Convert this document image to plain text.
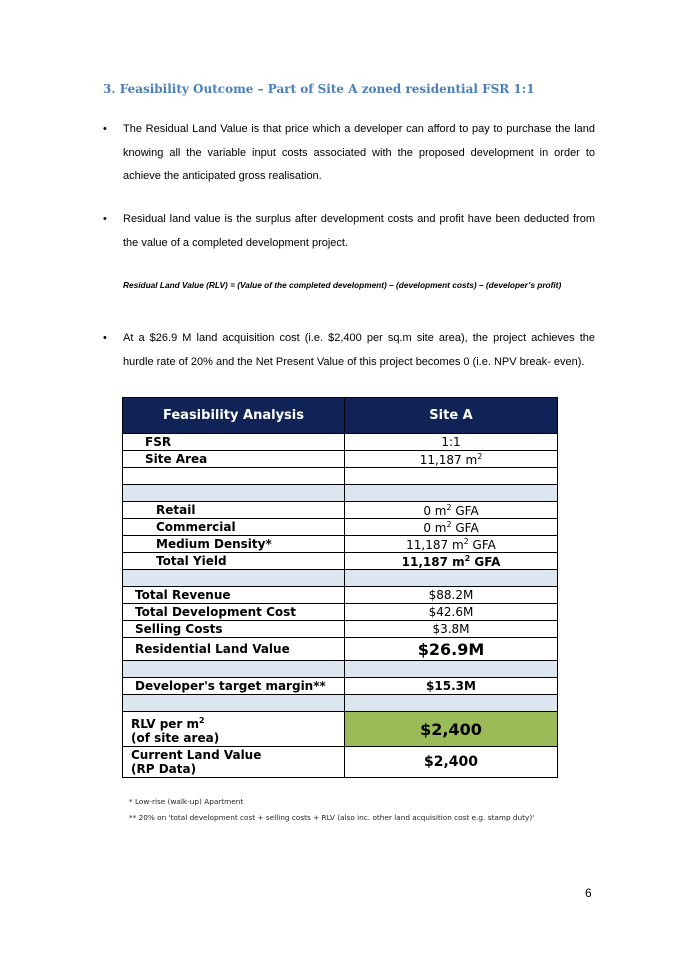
3. Feasibility Outcome – Part of Site A zoned residential FSR 1:1
• The Residual Land Value is that price which a developer can afford to pay to purchase the land knowing all the variable input costs associated with the proposed development in order to achieve the anticipated gross realisation.
• Residual land value is the surplus after development costs and profit have been deducted from the value of a completed development project.
Residual Land Value (RLV) = (Value of the completed development) – (development costs) – (developer’s profit)
• At a $26.9 M land acquisition cost (i.e. $2,400 per sq.m site area), the project achieves the hurdle rate of 20% and the Net Present Value of this project becomes 0 (i.e. NPV break- even).
Feasibility Analysis	Site A
FSR	1:1
Site Area	11,187 $m^2$

Retail	0 $m^2$ GFA
Commercial	0 $m^2$ GFA
Medium Density*	11,187 $m^2$ GFA
Total Yield	11,187 $m^2$ GFA

Total Revenue	$88.2M
Total Development Cost	$42.6M
Selling Costs	$3.8M
Residential Land Value	$26.9M

Developer's target margin**	$15.3M

RLV per $m^2$
(of site area)	$2,400
Current Land Value
(RP Data)	$2,400
* Low-rise (walk-up) Apartment
** 20% on 'total development cost + selling costs + RLV (also inc. other land acquisition cost e.g. stamp duty)'
6
